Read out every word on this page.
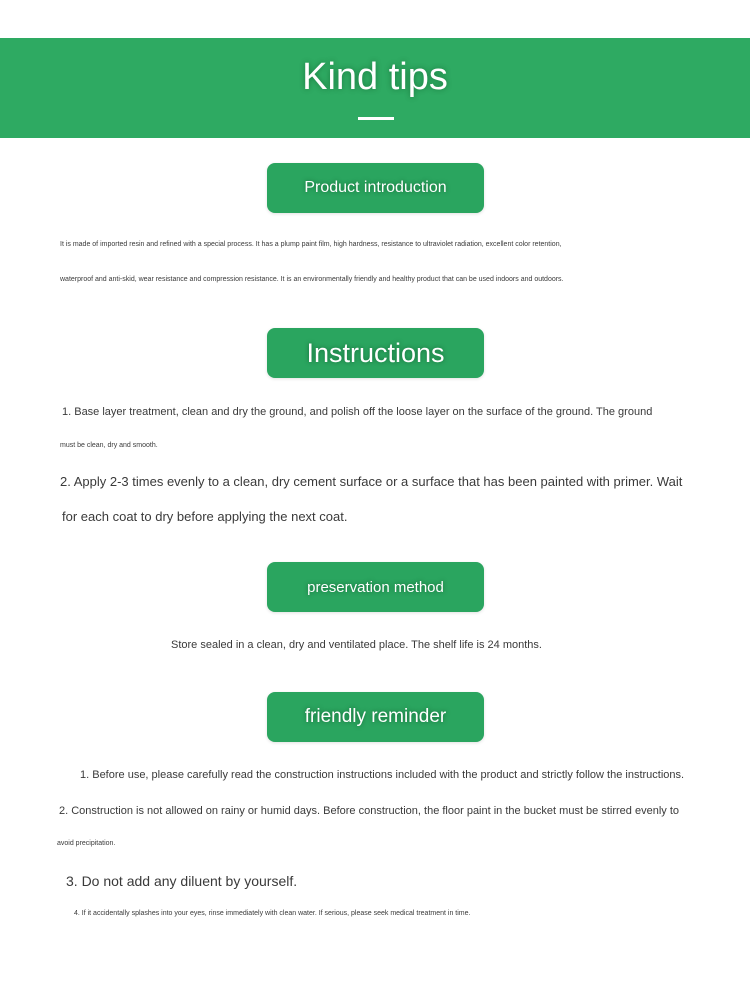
Kind tips
Product introduction
It is made of imported resin and refined with a special process. It has a plump paint film, high hardness, resistance to ultraviolet radiation, excellent color retention,
waterproof and anti-skid, wear resistance and compression resistance. It is an environmentally friendly and healthy product that can be used indoors and outdoors.
Instructions
1. Base layer treatment, clean and dry the ground, and polish off the loose layer on the surface of the ground. The ground
must be clean, dry and smooth.
2. Apply 2-3 times evenly to a clean, dry cement surface or a surface that has been painted with primer. Wait
for each coat to dry before applying the next coat.
preservation method
Store sealed in a clean, dry and ventilated place. The shelf life is 24 months.
friendly reminder
1. Before use, please carefully read the construction instructions included with the product and strictly follow the instructions.
2. Construction is not allowed on rainy or humid days. Before construction, the floor paint in the bucket must be stirred evenly to
avoid precipitation.
3. Do not add any diluent by yourself.
4. If it accidentally splashes into your eyes, rinse immediately with clean water. If serious, please seek medical treatment in time.
